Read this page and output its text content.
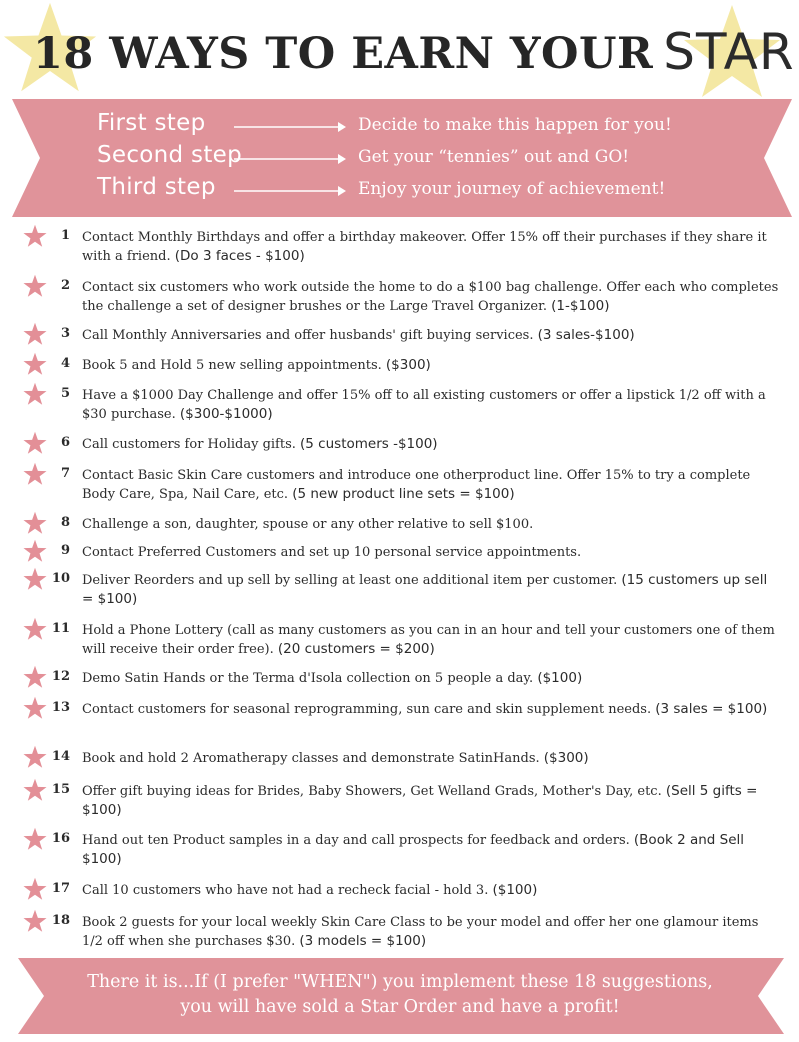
18 WAYS TO EARN YOUR STAR
First step	Decide to make this happen for you!
Second step	Get your “tennies” out and GO!
Third step	Enjoy your journey of achievement!
1 Contact Monthly Birthdays and offer a birthday makeover. Offer 15% off their purchases if they share it with a friend. (Do 3 faces - $100)
2 Contact six customers who work outside the home to do a $100 bag challenge. Offer each who completes the challenge a set of designer brushes or the Large Travel Organizer. (1-$100)
3 Call Monthly Anniversaries and offer husbands' gift buying services. (3 sales-$100)
4 Book 5 and Hold 5 new selling appointments. ($300)
5 Have a $1000 Day Challenge and offer 15% off to all existing customers or offer a lipstick 1/2 off with a $30 purchase. ($300-$1000)
6 Call customers for Holiday gifts. (5 customers -$100)
7 Contact Basic Skin Care customers and introduce one otherproduct line. Offer 15% to try a complete Body Care, Spa, Nail Care, etc. (5 new product line sets = $100)
8 Challenge a son, daughter, spouse or any other relative to sell $100.
9 Contact Preferred Customers and set up 10 personal service appointments.
10 Deliver Reorders and up sell by selling at least one additional item per customer. (15 customers up sell = $100)
11 Hold a Phone Lottery (call as many customers as you can in an hour and tell your customers one of them will receive their order free). (20 customers = $200)
12 Demo Satin Hands or the Terma d'Isola collection on 5 people a day. ($100)
13 Contact customers for seasonal reprogramming, sun care and skin supplement needs. (3 sales = $100)
14 Book and hold 2 Aromatherapy classes and demonstrate SatinHands. ($300)
15 Offer gift buying ideas for Brides, Baby Showers, Get Welland Grads, Mother's Day, etc. (Sell 5 gifts = $100)
16 Hand out ten Product samples in a day and call prospects for feedback and orders. (Book 2 and Sell $100)
17 Call 10 customers who have not had a recheck facial - hold 3. ($100)
18 Book 2 guests for your local weekly Skin Care Class to be your model and offer her one glamour items 1/2 off when she purchases $30. (3 models = $100)
There it is...If (I prefer "WHEN") you implement these 18 suggestions,
you will have sold a Star Order and have a profit!
